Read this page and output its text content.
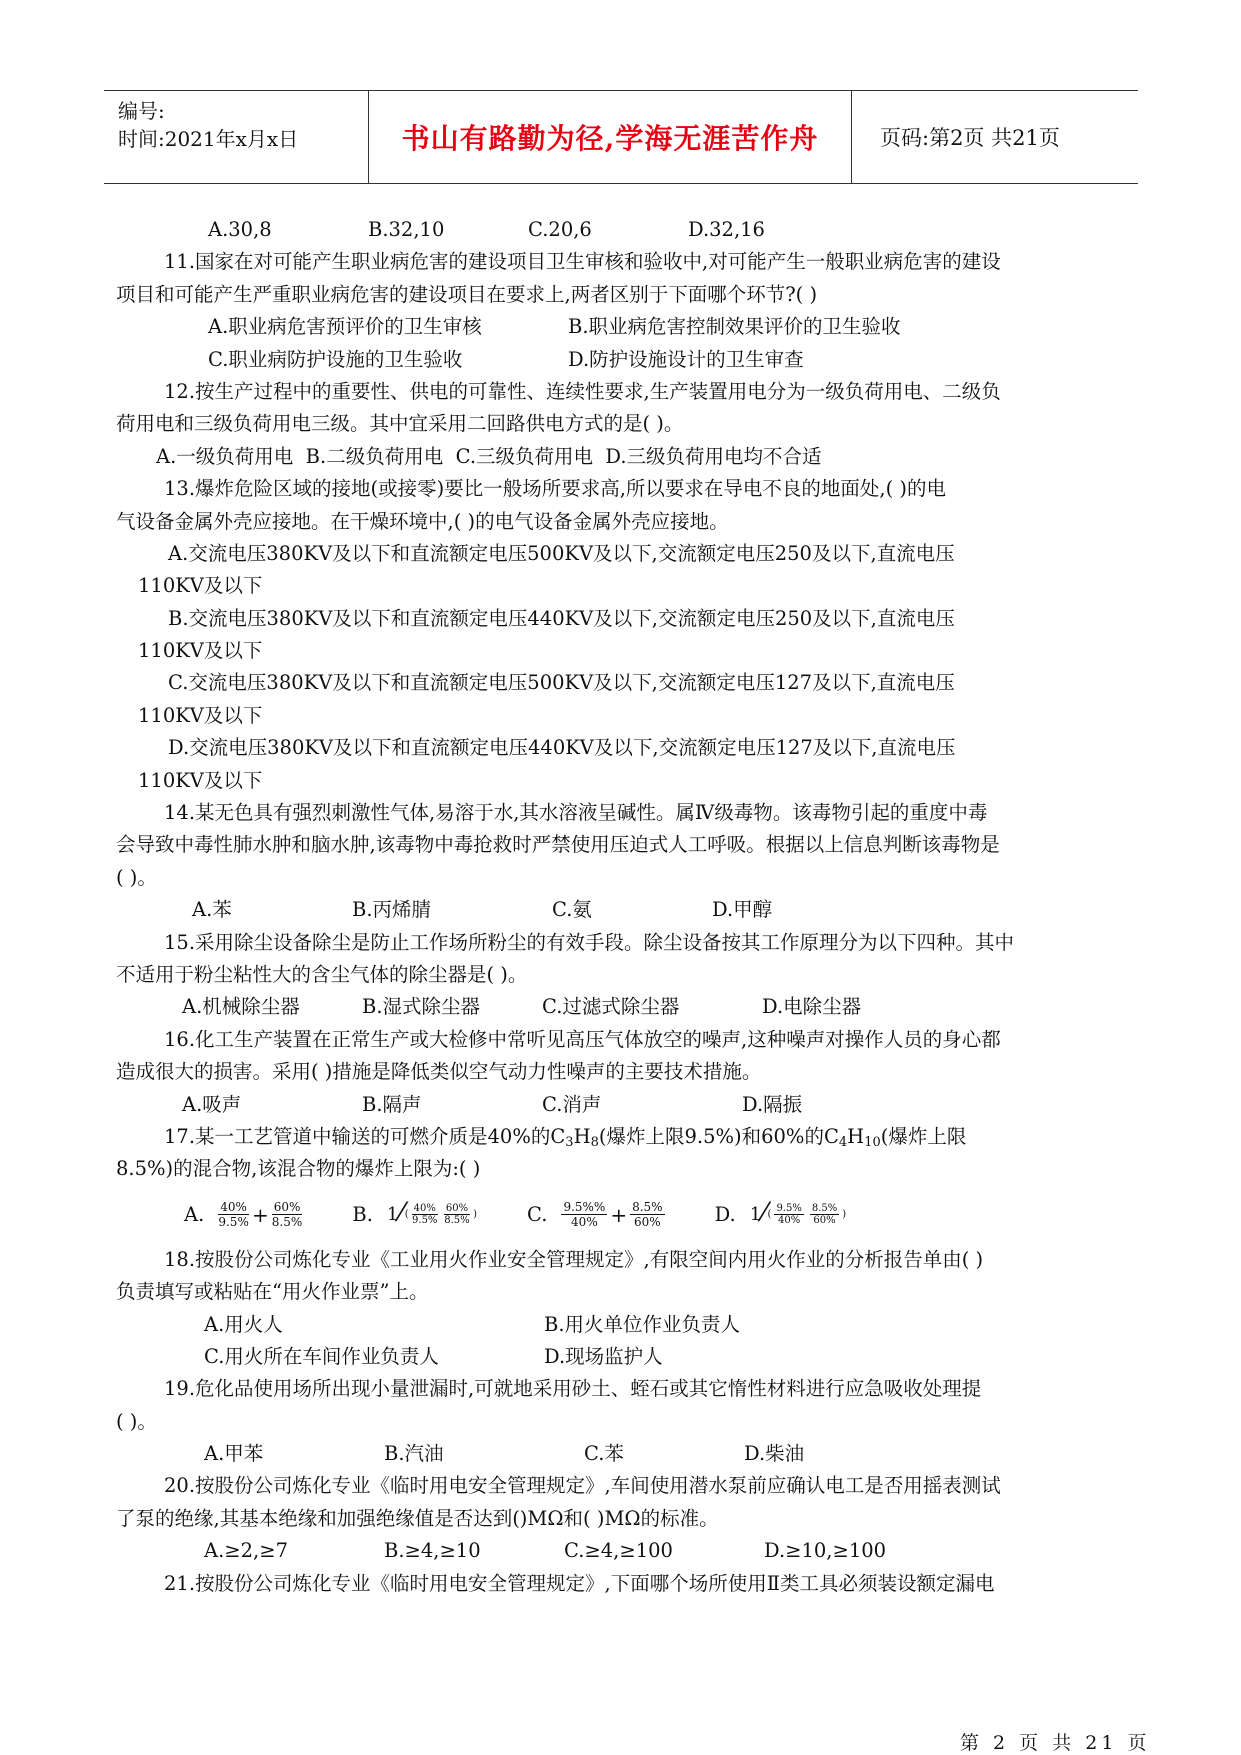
编号:
时间:2021年x月x日	书山有路勤为径,学海无涯苦作舟	页码:第2页 共21页
A.30,8	B.32,10	C.20,6	D.32,16
11.国家在对可能产生职业病危害的建设项目卫生审核和验收中,对可能产生一般职业病危害的建设
项目和可能产生严重职业病危害的建设项目在要求上,两者区别于下面哪个环节?( )
A.职业病危害预评价的卫生审核	B.职业病危害控制效果评价的卫生验收
C.职业病防护设施的卫生验收	D.防护设施设计的卫生审查
12.按生产过程中的重要性、供电的可靠性、连续性要求,生产装置用电分为一级负荷用电、二级负
荷用电和三级负荷用电三级。其中宜采用二回路供电方式的是( )。
A.一级负荷用电  B.二级负荷用电  C.三级负荷用电  D.三级负荷用电均不合适
13.爆炸危险区域的接地(或接零)要比一般场所要求高,所以要求在导电不良的地面处,( )的电
气设备金属外壳应接地。在干燥环境中,( )的电气设备金属外壳应接地。
A.交流电压380KV及以下和直流额定电压500KV及以下,交流额定电压250及以下,直流电压
110KV及以下
B.交流电压380KV及以下和直流额定电压440KV及以下,交流额定电压250及以下,直流电压
110KV及以下
C.交流电压380KV及以下和直流额定电压500KV及以下,交流额定电压127及以下,直流电压
110KV及以下
D.交流电压380KV及以下和直流额定电压440KV及以下,交流额定电压127及以下,直流电压
110KV及以下
14.某无色具有强烈刺激性气体,易溶于水,其水溶液呈碱性。属Ⅳ级毒物。该毒物引起的重度中毒
会导致中毒性肺水肿和脑水肿,该毒物中毒抢救时严禁使用压迫式人工呼吸。根据以上信息判断该毒物是
( )。
A.苯	B.丙烯腈	C.氨	D.甲醇
15.采用除尘设备除尘是防止工作场所粉尘的有效手段。除尘设备按其工作原理分为以下四种。其中
不适用于粉尘粘性大的含尘气体的除尘器是( )。
A.机械除尘器	B.湿式除尘器	C.过滤式除尘器	D.电除尘器
16.化工生产装置在正常生产或大检修中常听见高压气体放空的噪声,这种噪声对操作人员的身心都
造成很大的损害。采用( )措施是降低类似空气动力性噪声的主要技术措施。
A.吸声	B.隔声	C.消声	D.隔振
17.某一工艺管道中输送的可燃介质是40%的$C_3H_8$(爆炸上限9.5%)和60%的$C_4H_{10}$(爆炸上限
8.5%)的混合物,该混合物的爆炸上限为:( )
A. $\frac{40\%}{9.5\%} + \frac{60\%}{8.5\%}$	B. 1 ⁄ ( $\frac{40\%}{9.5\%} \frac{60\%}{8.5\%}$ )	C. $\frac{9.5\%\%}{40\%} + \frac{8.5\%}{60\%}$	D. 1 ⁄ ( $\frac{9.5\%}{40\%} \frac{8.5\%}{60\%}$ )
18.按股份公司炼化专业《工业用火作业安全管理规定》,有限空间内用火作业的分析报告单由( )
负责填写或粘贴在“用火作业票”上。
A.用火人	B.用火单位作业负责人
C.用火所在车间作业负责人	D.现场监护人
19.危化品使用场所出现小量泄漏时,可就地采用砂土、蛭石或其它惰性材料进行应急吸收处理提
( )。
A.甲苯	B.汽油	C.苯	D.柴油
20.按股份公司炼化专业《临时用电安全管理规定》,车间使用潜水泵前应确认电工是否用摇表测试
了泵的绝缘,其基本绝缘和加强绝缘值是否达到()MΩ和( )MΩ的标准。
A.≥2,≥7	B.≥4,≥10	C.≥4,≥100	D.≥10,≥100
21.按股份公司炼化专业《临时用电安全管理规定》,下面哪个场所使用Ⅱ类工具必须装设额定漏电
第 2 页 共 21 页
